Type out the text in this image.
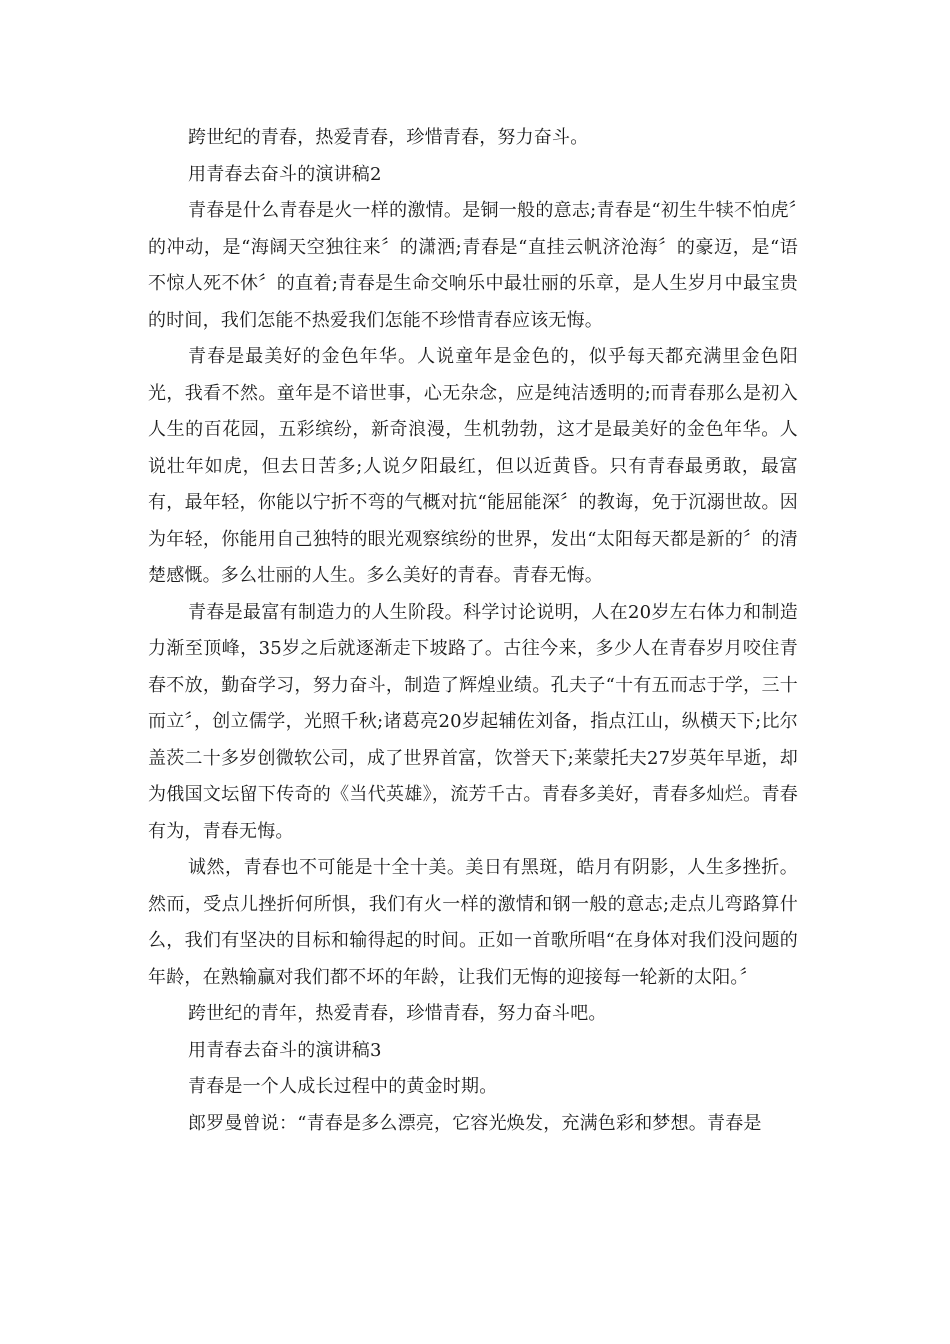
跨世纪的青春，热爱青春，珍惜青春，努力奋斗。

用青春去奋斗的演讲稿2

青春是什么青春是火一样的激情。是铜一般的意志;青春是“初生牛犊不怕虎〞的冲动，是“海阔天空独往来〞的潇洒;青春是“直挂云帆济沧海〞的豪迈，是“语不惊人死不休〞的直着;青春是生命交响乐中最壮丽的乐章，是人生岁月中最宝贵的时间，我们怎能不热爱我们怎能不珍惜青春应该无悔。

青春是最美好的金色年华。人说童年是金色的，似乎每天都充满里金色阳光，我看不然。童年是不谙世事，心无杂念，应是纯洁透明的;而青春那么是初入人生的百花园，五彩缤纷，新奇浪漫，生机勃勃，这才是最美好的金色年华。人说壮年如虎，但去日苦多;人说夕阳最红，但以近黄昏。只有青春最勇敢，最富有，最年轻，你能以宁折不弯的气概对抗“能屈能深〞的教诲，免于沉溺世故。因为年轻，你能用自己独特的眼光观察缤纷的世界，发出“太阳每天都是新的〞的清楚感慨。多么壮丽的人生。多么美好的青春。青春无悔。

青春是最富有制造力的人生阶段。科学讨论说明，人在20岁左右体力和制造力渐至顶峰，35岁之后就逐渐走下坡路了。古往今来，多少人在青春岁月咬住青春不放，勤奋学习，努力奋斗，制造了辉煌业绩。孔夫子“十有五而志于学，三十而立〞，创立儒学，光照千秋;诸葛亮20岁起辅佐刘备，指点江山，纵横天下;比尔盖茨二十多岁创微软公司，成了世界首富，饮誉天下;莱蒙托夫27岁英年早逝，却为俄国文坛留下传奇的《当代英雄》，流芳千古。青春多美好，青春多灿烂。青春有为，青春无悔。

诚然，青春也不可能是十全十美。美日有黑斑，皓月有阴影，人生多挫折。然而，受点儿挫折何所惧，我们有火一样的激情和钢一般的意志;走点儿弯路算什么，我们有坚决的目标和输得起的时间。正如一首歌所唱“在身体对我们没问题的年龄，在熟输赢对我们都不坏的年龄，让我们无悔的迎接每一轮新的太阳。〞

跨世纪的青年，热爱青春，珍惜青春，努力奋斗吧。

用青春去奋斗的演讲稿3

青春是一个人成长过程中的黄金时期。

郎罗曼曾说：“青春是多么漂亮，它容光焕发，充满色彩和梦想。青春是
